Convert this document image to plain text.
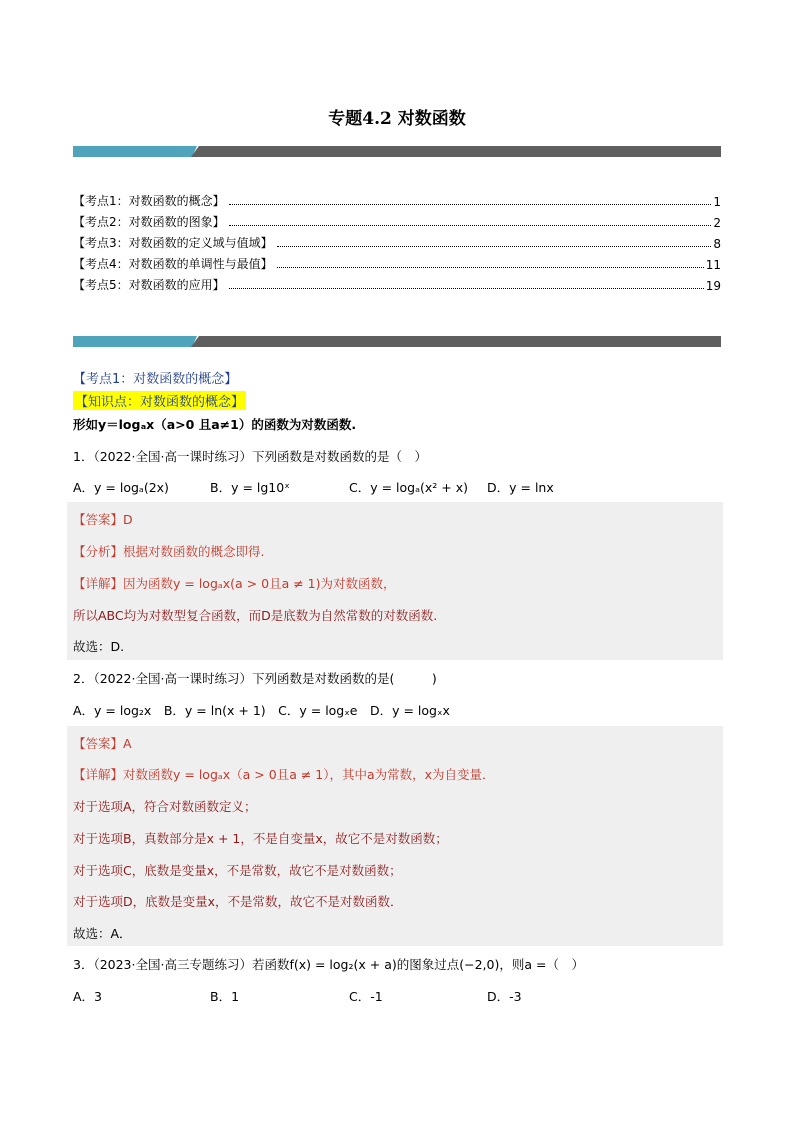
专题4.2 对数函数
【考点1：对数函数的概念】	1
【考点2：对数函数的图象】	2
【考点3：对数函数的定义域与值域】	8
【考点4：对数函数的单调性与最值】	11
【考点5：对数函数的应用】	19
【考点1：对数函数的概念】
【知识点：对数函数的概念】
形如y＝logₐx（a>0 且a≠1）的函数为对数函数.
1．（2022·全国·高一课时练习）下列函数是对数函数的是（　）
A．y = logₐ(2x)	B．y = lg10ˣ	C．y = logₐ(x² + x) D．y = lnx
【答案】D
【分析】根据对数函数的概念即得.
【详解】因为函数y = logₐx(a > 0且a ≠ 1)为对数函数，
所以ABC均为对数型复合函数，而D是底数为自然常数的对数函数.
故选：D.
2．（2022·全国·高一课时练习）下列函数是对数函数的是(　　　)
A．y = log₂x　B．y = ln(x + 1)　C．y = logₓe　D．y = logₓx
【答案】A
【详解】对数函数y = logₐx（a > 0且a ≠ 1），其中a为常数，x为自变量．
对于选项A，符合对数函数定义；
对于选项B，真数部分是x + 1，不是自变量x，故它不是对数函数；
对于选项C，底数是变量x，不是常数，故它不是对数函数；
对于选项D，底数是变量x，不是常数，故它不是对数函数．
故选：A．
3．（2023·全国·高三专题练习）若函数f(x) = log₂(x + a)的图象过点(−2,0)，则a =（　）
A．3	B．1	C．-1	D．-3
